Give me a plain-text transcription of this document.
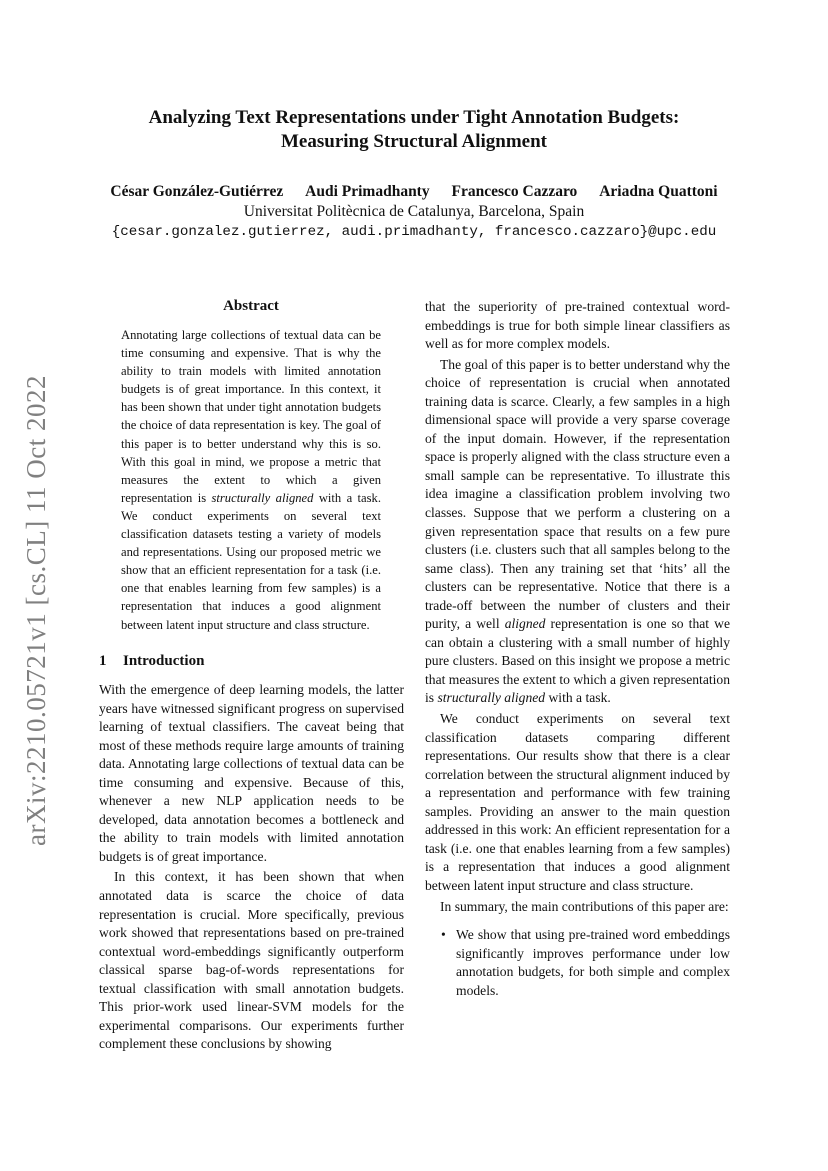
arXiv:2210.05721v1 [cs.CL] 11 Oct 2022
Analyzing Text Representations under Tight Annotation Budgets:
Measuring Structural Alignment
César González-Gutiérrez Audi Primadhanty Francesco Cazzaro Ariadna Quattoni
Universitat Politècnica de Catalunya, Barcelona, Spain
{cesar.gonzalez.gutierrez, audi.primadhanty, francesco.cazzaro}@upc.edu
Abstract
Annotating large collections of textual data can be time consuming and expensive. That is why the ability to train models with limited annotation budgets is of great importance. In this context, it has been shown that under tight annotation budgets the choice of data representation is key. The goal of this paper is to better understand why this is so. With this goal in mind, we propose a metric that measures the extent to which a given representation is structurally aligned with a task. We conduct experiments on several text classification datasets testing a variety of models and representations. Using our proposed metric we show that an efficient representation for a task (i.e. one that enables learning from few samples) is a representation that induces a good alignment between latent input structure and class structure.
1 Introduction

With the emergence of deep learning models, the latter years have witnessed significant progress on supervised learning of textual classifiers. The caveat being that most of these methods require large amounts of training data. Annotating large collections of textual data can be time consuming and expensive. Because of this, whenever a new NLP application needs to be developed, data annotation becomes a bottleneck and the ability to train models with limited annotation budgets is of great importance.

In this context, it has been shown that when annotated data is scarce the choice of data representation is crucial. More specifically, previous work showed that representations based on pre-trained contextual word-embeddings significantly outperform classical sparse bag-of-words representations for textual classification with small annotation budgets. This prior-work used linear-SVM models for the experimental comparisons. Our experiments further complement these conclusions by showing

that the superiority of pre-trained contextual word-embeddings is true for both simple linear classifiers as well as for more complex models.

The goal of this paper is to better understand why the choice of representation is crucial when annotated training data is scarce. Clearly, a few samples in a high dimensional space will provide a very sparse coverage of the input domain. However, if the representation space is properly aligned with the class structure even a small sample can be representative. To illustrate this idea imagine a classification problem involving two classes. Suppose that we perform a clustering on a given representation space that results on a few pure clusters (i.e. clusters such that all samples belong to the same class). Then any training set that ‘hits’ all the clusters can be representative. Notice that there is a trade-off between the number of clusters and their purity, a well aligned representation is one so that we can obtain a clustering with a small number of highly pure clusters. Based on this insight we propose a metric that measures the extent to which a given representation is structurally aligned with a task.

We conduct experiments on several text classification datasets comparing different representations. Our results show that there is a clear correlation between the structural alignment induced by a representation and performance with few training samples. Providing an answer to the main question addressed in this work: An efficient representation for a task (i.e. one that enables learning from a few samples) is a representation that induces a good alignment between latent input structure and class structure.

In summary, the main contributions of this paper are:

• We show that using pre-trained word embeddings significantly improves performance under low annotation budgets, for both simple and complex models.
